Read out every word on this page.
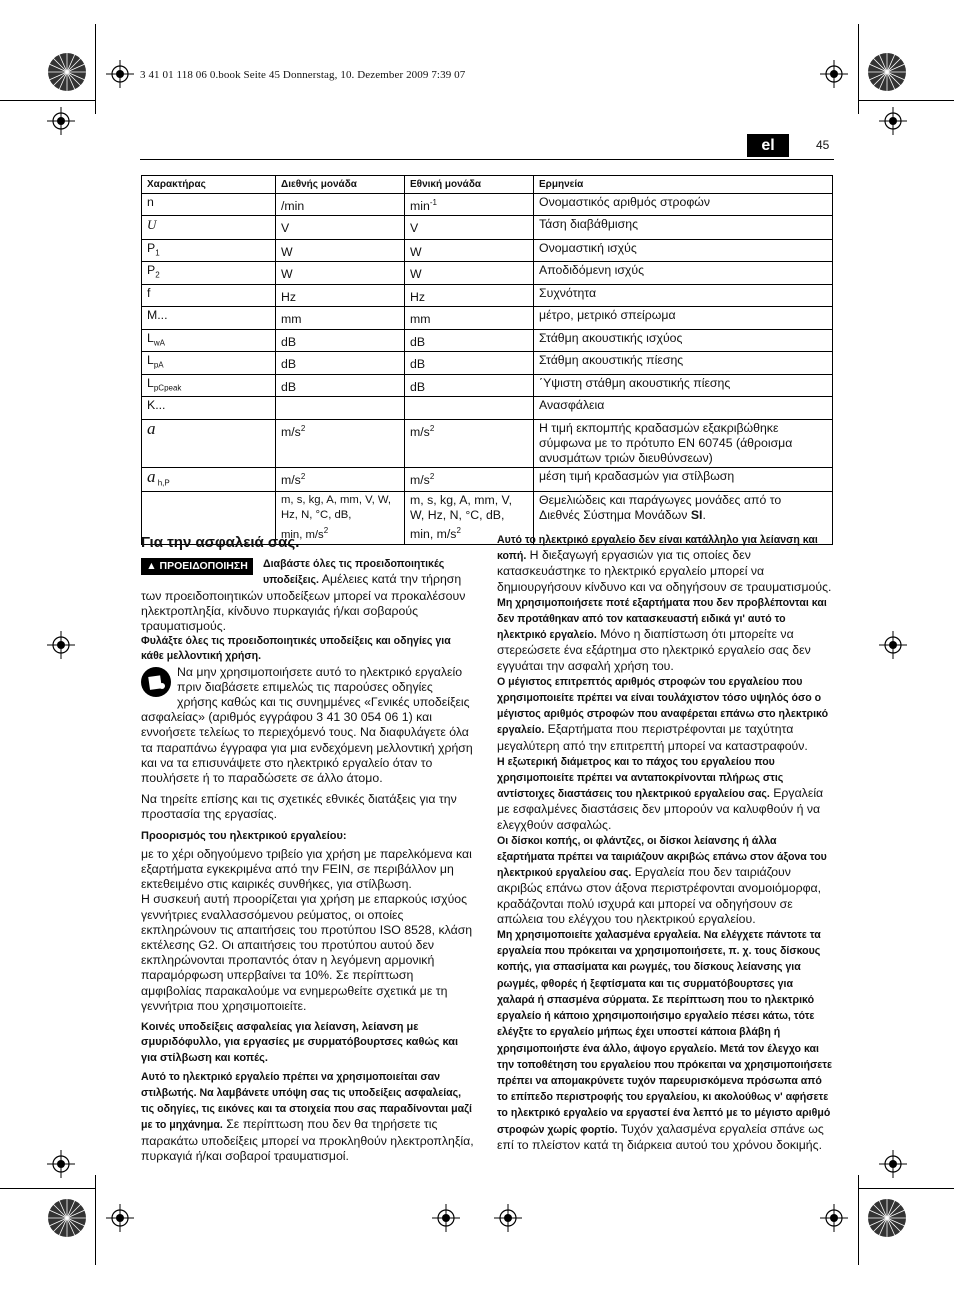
3 41 01 118 06 0.book Seite 45 Donnerstag, 10. Dezember 2009 7:39 07
el	45
Χαρακτήρας	Διεθνής μονάδα	Εθνική μονάδα	Ερμηνεία
n	/min	$\min^{-1}$	Ονομαστικός αριθμός στροφών
U	V	V	Τάση διαβάθμισης
$P_1$	W	W	Ονομαστική ισχύς
$P_2$	W	W	Αποδιδόμενη ισχύς
f	Hz	Hz	Συχνότητα
M...	mm	mm	μέτρο, μετρικό σπείρωμα
$L_{wA}$	dB	dB	Στάθμη ακουστικής ισχύος
$L_{pA}$	dB	dB	Στάθμη ακουστικής πίεσης
$L_{pCpeak}$	dB	dB	΄Υψιστη στάθμη ακουστικής πίεσης
K...			Ανασφάλεια
a	$m/s^2$	$m/s^2$	Η τιμή εκπομπής κραδασμών εξακριβώθηκε σύμφωνα με το πρότυπο EN 60745 (άθροισμα ανυσμάτων τριών διευθύνσεων)
a $_{h,P}$	$m/s^2$	$m/s^2$	μέση τιμή κραδασμών για στίλβωση
	m, s, kg, A, mm, V, W,
Hz, N, °C, dB,
min, $m/s^2$	m, s, kg, A, mm, V,
W, Hz, N, °C, dB,
min, $m/s^2$	Θεμελιώδεις και παράγωγες μονάδες από το
Διεθνές Σύστημα Μονάδων SI.

Για την ασφαλειά σας.

▲ ΠΡΟΕΙΔΟΠΟΙΗΣΗ	Διαβάστε όλες τις προειδοποιητικές υποδείξεις. Αμέλειες κατά την τήρηση των προειδοποιητικών υποδείξεων μπορεί να προκαλέσουν ηλεκτροπληξία, κίνδυνο πυρκαγιάς ή/και σοβαρούς τραυματισμούς.

Φυλάξτε όλες τις προειδοποιητικές υποδείξεις και οδηγίες για κάθε μελλοντική χρήση.

Να μην χρησιμοποιήσετε αυτό το ηλεκτρικό εργαλείο πριν διαβάσετε επιμελώς τις παρούσες οδηγίες χρήσης καθώς και τις συνημμένες «Γενικές υποδείξεις ασφαλείας» (αριθμός εγγράφου 3 41 30 054 06 1) και εννοήσετε τελείως το περιεχόμενό τους. Να διαφυλάγετε όλα τα παραπάνω έγγραφα για μια ενδεχόμενη μελλοντική χρήση και να τα επισυνάψετε στο ηλεκτρικό εργαλείο όταν το πουλήσετε ή το παραδώσετε σε άλλο άτομο.

Να τηρείτε επίσης και τις σχετικές εθνικές διατάξεις για την προστασία της εργασίας.

Προορισμός του ηλεκτρικού εργαλείου:

με το χέρι οδηγούμενο τριβείο για χρήση με παρελκόμενα και εξαρτήματα εγκεκριμένα από την FEIN, σε περιβάλλον μη εκτεθειμένο στις καιρικές συνθήκες, για στίλβωση.

Η συσκευή αυτή προορίζεται για χρήση με επαρκούς ισχύος γεννήτριες εναλλασσόμενου ρεύματος, οι οποίες εκπληρώνουν τις απαιτήσεις του προτύπου ISO 8528, κλάση εκτέλεσης G2. Οι απαιτήσεις του προτύπου αυτού δεν εκπληρώνονται προπαντός όταν η λεγόμενη αρμονική παραμόρφωση υπερβαίνει τα 10%. Σε περίπτωση αμφιβολίας παρακαλούμε να ενημερωθείτε σχετικά με τη γεννήτρια που χρησιμοποιείτε.

Κοινές υποδείξεις ασφαλείας για λείανση, λείανση με σμυριδόφυλλο, για εργασίες με συρματόβουρτσες καθώς και για στίλβωση και κοπές.

Αυτό το ηλεκτρικό εργαλείο πρέπει να χρησιμοποιείται σαν στιλβωτής. Να λαμβάνετε υπόψη σας τις υποδείξεις ασφαλείας, τις οδηγίες, τις εικόνες και τα στοιχεία που σας παραδίνονται μαζί με το μηχάνημα. Σε περίπτωση που δεν θα τηρήσετε τις παρακάτω υποδείξεις μπορεί να προκληθούν ηλεκτροπληξία, πυρκαγιά ή/και σοβαροί τραυματισμοί.

Αυτό το ηλεκτρικό εργαλείο δεν είναι κατάλληλο για λείανση και κοπή. Η διεξαγωγή εργασιών για τις οποίες δεν κατασκευάστηκε το ηλεκτρικό εργαλείο μπορεί να δημιουργήσουν κίνδυνο και να οδηγήσουν σε τραυματισμούς.

Μη χρησιμοποιήσετε ποτέ εξαρτήματα που δεν προβλέπονται και δεν προτάθηκαν από τον κατασκευαστή ειδικά γι' αυτό το ηλεκτρικό εργαλείο. Μόνο η διαπίστωση ότι μπορείτε να στερεώσετε ένα εξάρτημα στο ηλεκτρικό εργαλείο σας δεν εγγυάται την ασφαλή χρήση του.

Ο μέγιστος επιτρεπτός αριθμός στροφών του εργαλείου που χρησιμοποιείτε πρέπει να είναι τουλάχιστον τόσο υψηλός όσο ο μέγιστος αριθμός στροφών που αναφέρεται επάνω στο ηλεκτρικό εργαλείο. Εξαρτήματα που περιστρέφονται με ταχύτητα μεγαλύτερη από την επιτρεπτή μπορεί να καταστραφούν.

Η εξωτερική διάμετρος και το πάχος του εργαλείου που χρησιμοποιείτε πρέπει να ανταποκρίνονται πλήρως στις αντίστοιχες διαστάσεις του ηλεκτρικού εργαλείου σας. Εργαλεία με εσφαλμένες διαστάσεις δεν μπορούν να καλυφθούν ή να ελεγχθούν ασφαλώς.

Οι δίσκοι κοπής, οι φλάντζες, οι δίσκοι λείανσης ή άλλα εξαρτήματα πρέπει να ταιριάζουν ακριβώς επάνω στον άξονα του ηλεκτρικού εργαλείου σας. Εργαλεία που δεν ταιριάζουν ακριβώς επάνω στον άξονα περιστρέφονται ανομοιόμορφα, κραδάζονται πολύ ισχυρά και μπορεί να οδηγήσουν σε απώλεια του ελέγχου του ηλεκτρικού εργαλείου.

Μη χρησιμοποιείτε χαλασμένα εργαλεία. Να ελέγχετε πάντοτε τα εργαλεία που πρόκειται να χρησιμοποιήσετε, π. χ. τους δίσκους κοπής, για σπασίματα και ρωγμές, του δίσκους λείανσης για ρωγμές, φθορές ή ξεφτίσματα και τις συρματόβουρτσες για χαλαρά ή σπασμένα σύρματα. Σε περίπτωση που το ηλεκτρικό εργαλείο ή κάποιο χρησιμοποιήσιμο εργαλείο πέσει κάτω, τότε ελέγξτε το εργαλείο μήπως έχει υποστεί κάποια βλάβη ή χρησιμοποιήστε ένα άλλο, άψογο εργαλείο. Μετά τον έλεγχο και την τοποθέτηση του εργαλείου που πρόκειται να χρησιμοποιήσετε πρέπει να απομακρύνετε τυχόν παρευρισκόμενα πρόσωπα από το επίπεδο περιστροφής του εργαλείου, κι ακολούθως ν' αφήσετε το ηλεκτρικό εργαλείο να εργαστεί ένα λεπτό με το μέγιστο αριθμό στροφών χωρίς φορτίο. Τυχόν χαλασμένα εργαλεία σπάνε ως επί το πλείστον κατά τη διάρκεια αυτού του χρόνου δοκιμής.
